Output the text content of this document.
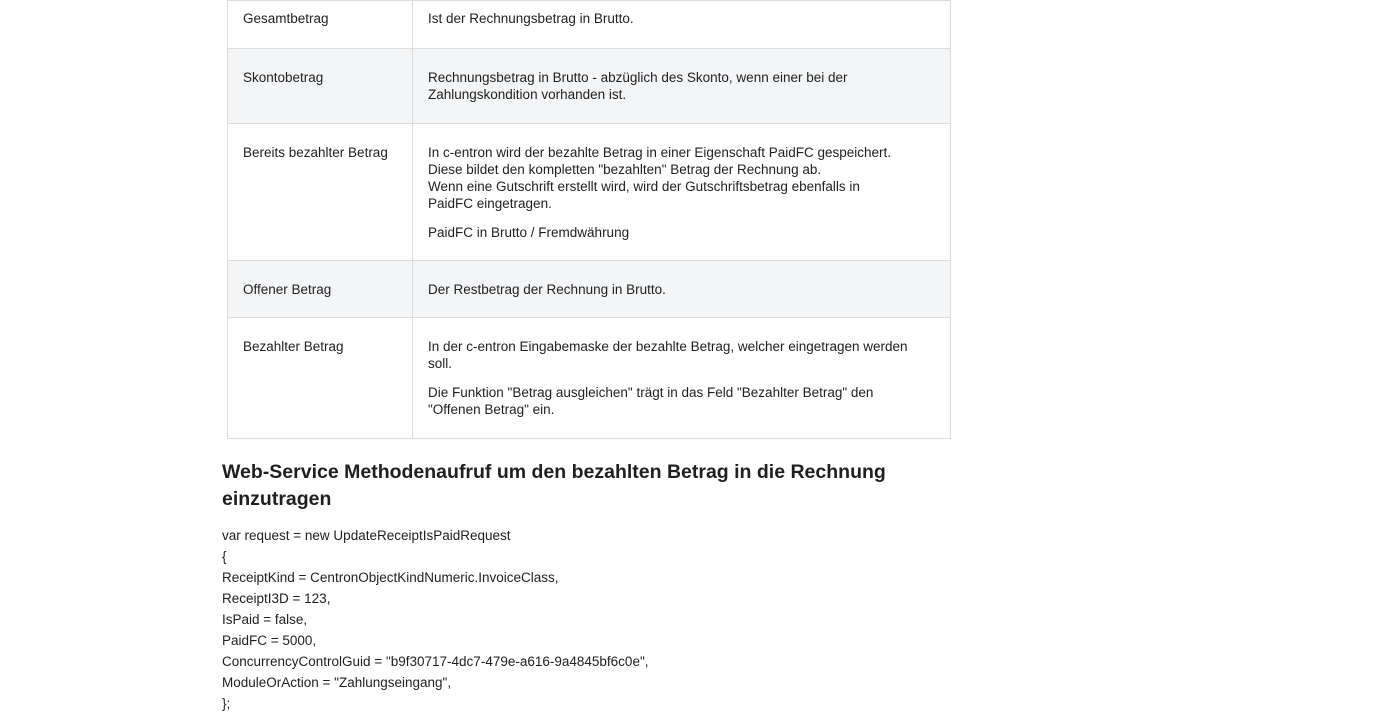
Gesamtbetrag	Ist der Rechnungsbetrag in Brutto.

Skontobetrag	Rechnungsbetrag in Brutto - abzüglich des Skonto, wenn einer bei der Zahlungskondition vorhanden ist.

Bereits bezahlter Betrag	In c-entron wird der bezahlte Betrag in einer Eigenschaft PaidFC gespeichert. Diese bildet den kompletten "bezahlten" Betrag der Rechnung ab.
Wenn eine Gutschrift erstellt wird, wird der Gutschriftsbetrag ebenfalls in PaidFC eingetragen.

PaidFC in Brutto / Fremdwährung

Offener Betrag	Der Restbetrag der Rechnung in Brutto.

Bezahlter Betrag	In der c-entron Eingabemaske der bezahlte Betrag, welcher eingetragen werden soll.

Die Funktion "Betrag ausgleichen" trägt in das Feld "Bezahlter Betrag" den "Offenen Betrag" ein.

Web-Service Methodenaufruf um den bezahlten Betrag in die Rechnung einzutragen
var request = new UpdateReceiptIsPaidRequest
{
ReceiptKind = CentronObjectKindNumeric.InvoiceClass,
ReceiptI3D = 123,
IsPaid = false,
PaidFC = 5000,
ConcurrencyControlGuid = "b9f30717-4dc7-479e-a616-9a4845bf6c0e",
ModuleOrAction = "Zahlungseingang",
};
